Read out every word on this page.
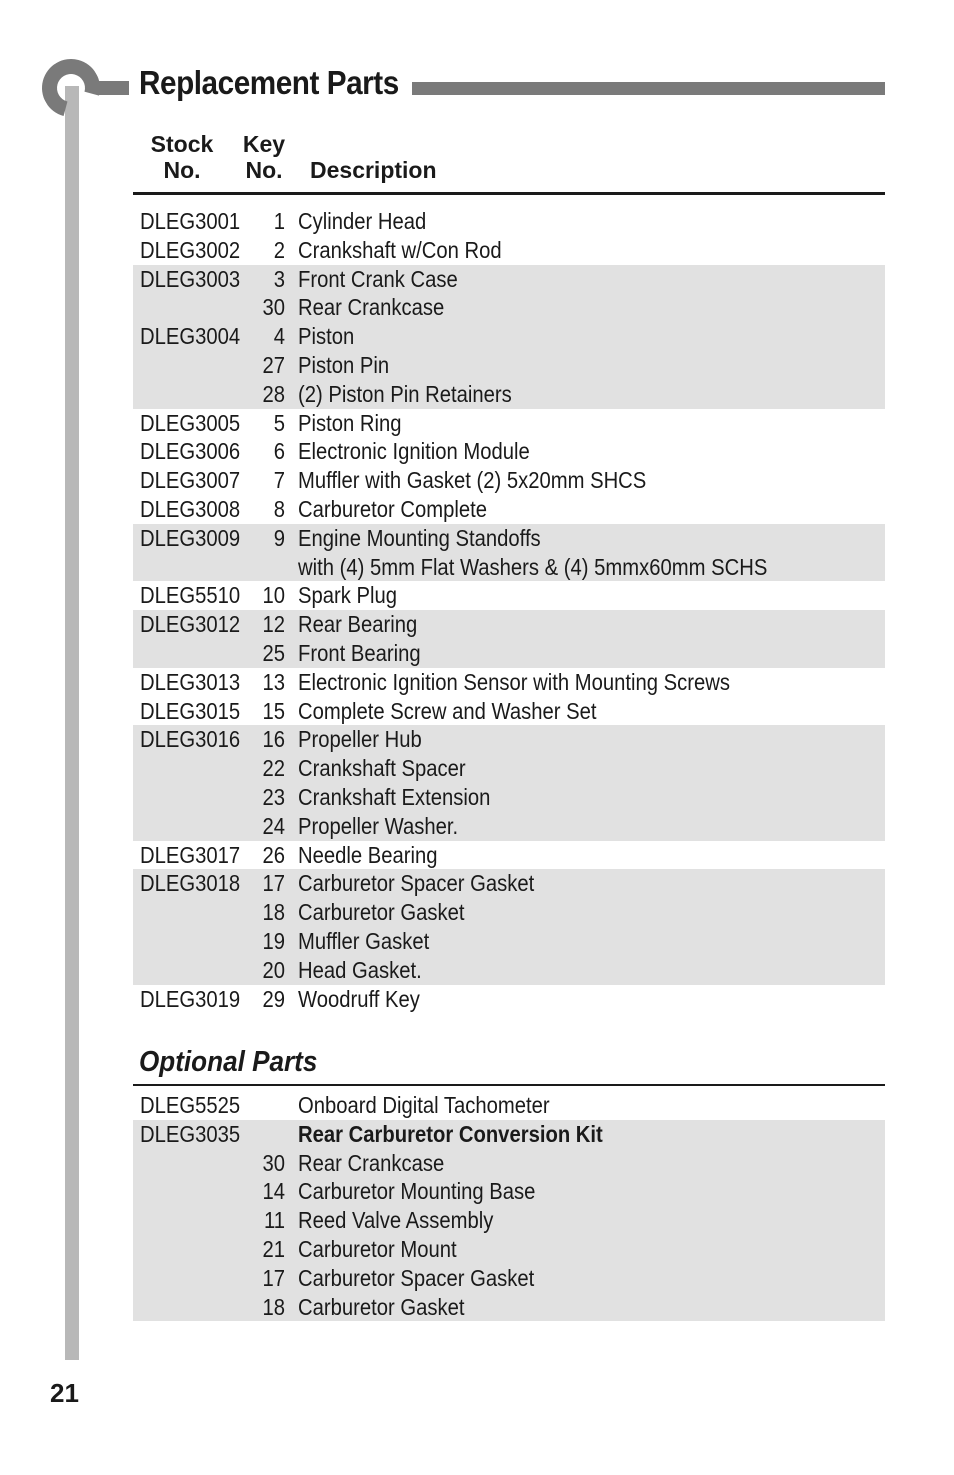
Replacement Parts
Stock No.
Key No. Description
DLEG3001	1 Cylinder Head
DLEG3002	2 Crankshaft w/Con Rod
DLEG3003	3 Front Crank Case
30 Rear Crankcase
DLEG3004	4 Piston
27 Piston Pin
28 (2) Piston Pin Retainers
DLEG3005	5 Piston Ring
DLEG3006	6 Electronic Ignition Module
DLEG3007	7 Muffler with Gasket (2) 5x20mm SHCS
DLEG3008	8 Carburetor Complete
DLEG3009	9 Engine Mounting Standoffs
with (4) 5mm Flat Washers & (4) 5mmx60mm SCHS
DLEG5510 10 Spark Plug
DLEG3012 12 Rear Bearing
25 Front Bearing
DLEG3013 13 Electronic Ignition Sensor with Mounting Screws
DLEG3015 15 Complete Screw and Washer Set
DLEG3016 16 Propeller Hub
22 Crankshaft Spacer
23 Crankshaft Extension
24 Propeller Washer.
DLEG3017 26 Needle Bearing
DLEG3018 17 Carburetor Spacer Gasket
18 Carburetor Gasket
19 Muffler Gasket
20 Head Gasket.
DLEG3019 29 Woodruff Key
Optional Parts
DLEG5525	Onboard Digital Tachometer
DLEG3035	Rear Carburetor Conversion Kit
30 Rear Crankcase
14 Carburetor Mounting Base
11 Reed Valve Assembly
21 Carburetor Mount
17 Carburetor Spacer Gasket
18 Carburetor Gasket
21
